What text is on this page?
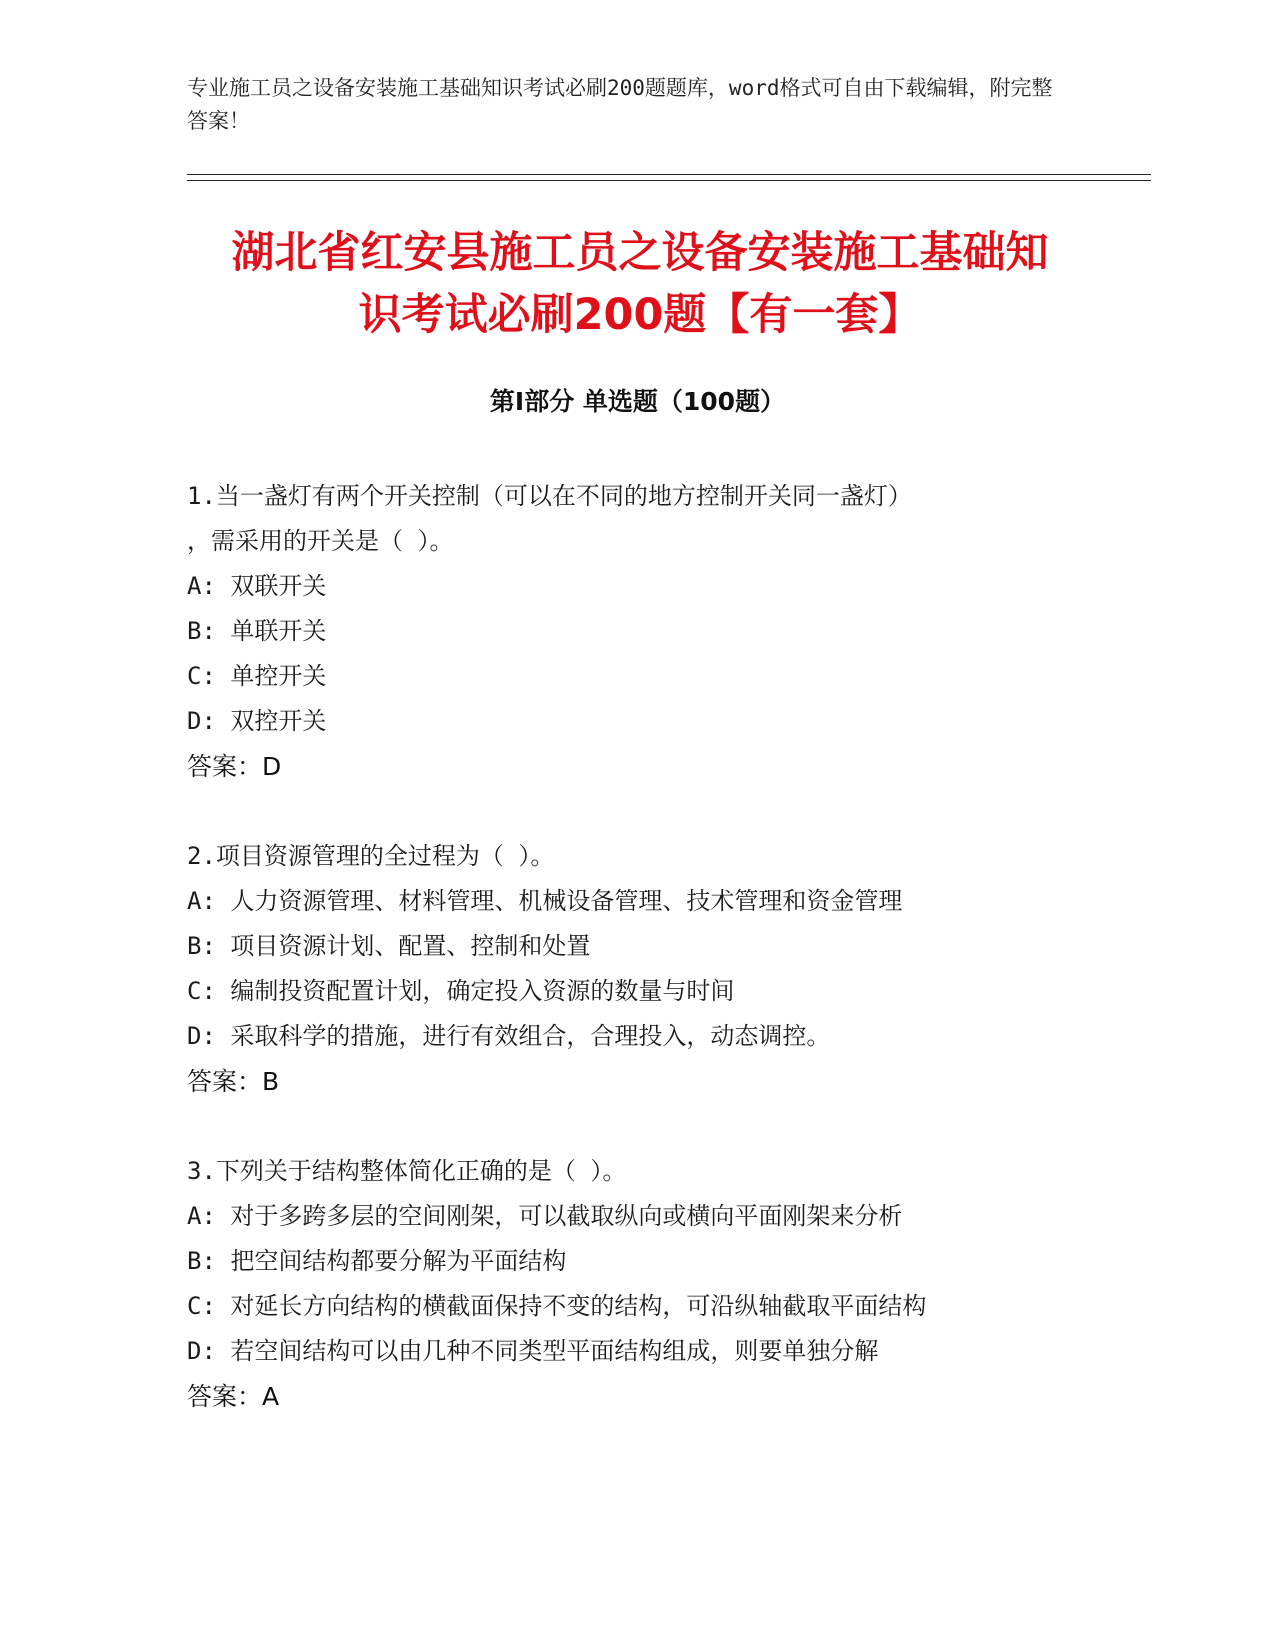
专业施工员之设备安装施工基础知识考试必刷200题题库，word格式可自由下载编辑，附完整答案！

湖北省红安县施工员之设备安装施工基础知
识考试必刷200题【有一套】
第Ⅰ部分 单选题（100题）
1.当一盏灯有两个开关控制（可以在不同的地方控制开关同一盏灯）
，需采用的开关是（ ）。
A: 双联开关
B: 单联开关
C: 单控开关
D: 双控开关
答案：D
2.项目资源管理的全过程为（ ）。
A: 人力资源管理、材料管理、机械设备管理、技术管理和资金管理
B: 项目资源计划、配置、控制和处置
C: 编制投资配置计划，确定投入资源的数量与时间
D: 采取科学的措施，进行有效组合，合理投入，动态调控。
答案：B
3.下列关于结构整体简化正确的是（ ）。
A: 对于多跨多层的空间刚架，可以截取纵向或横向平面刚架来分析
B: 把空间结构都要分解为平面结构
C: 对延长方向结构的横截面保持不变的结构，可沿纵轴截取平面结构
D: 若空间结构可以由几种不同类型平面结构组成，则要单独分解
答案：A
